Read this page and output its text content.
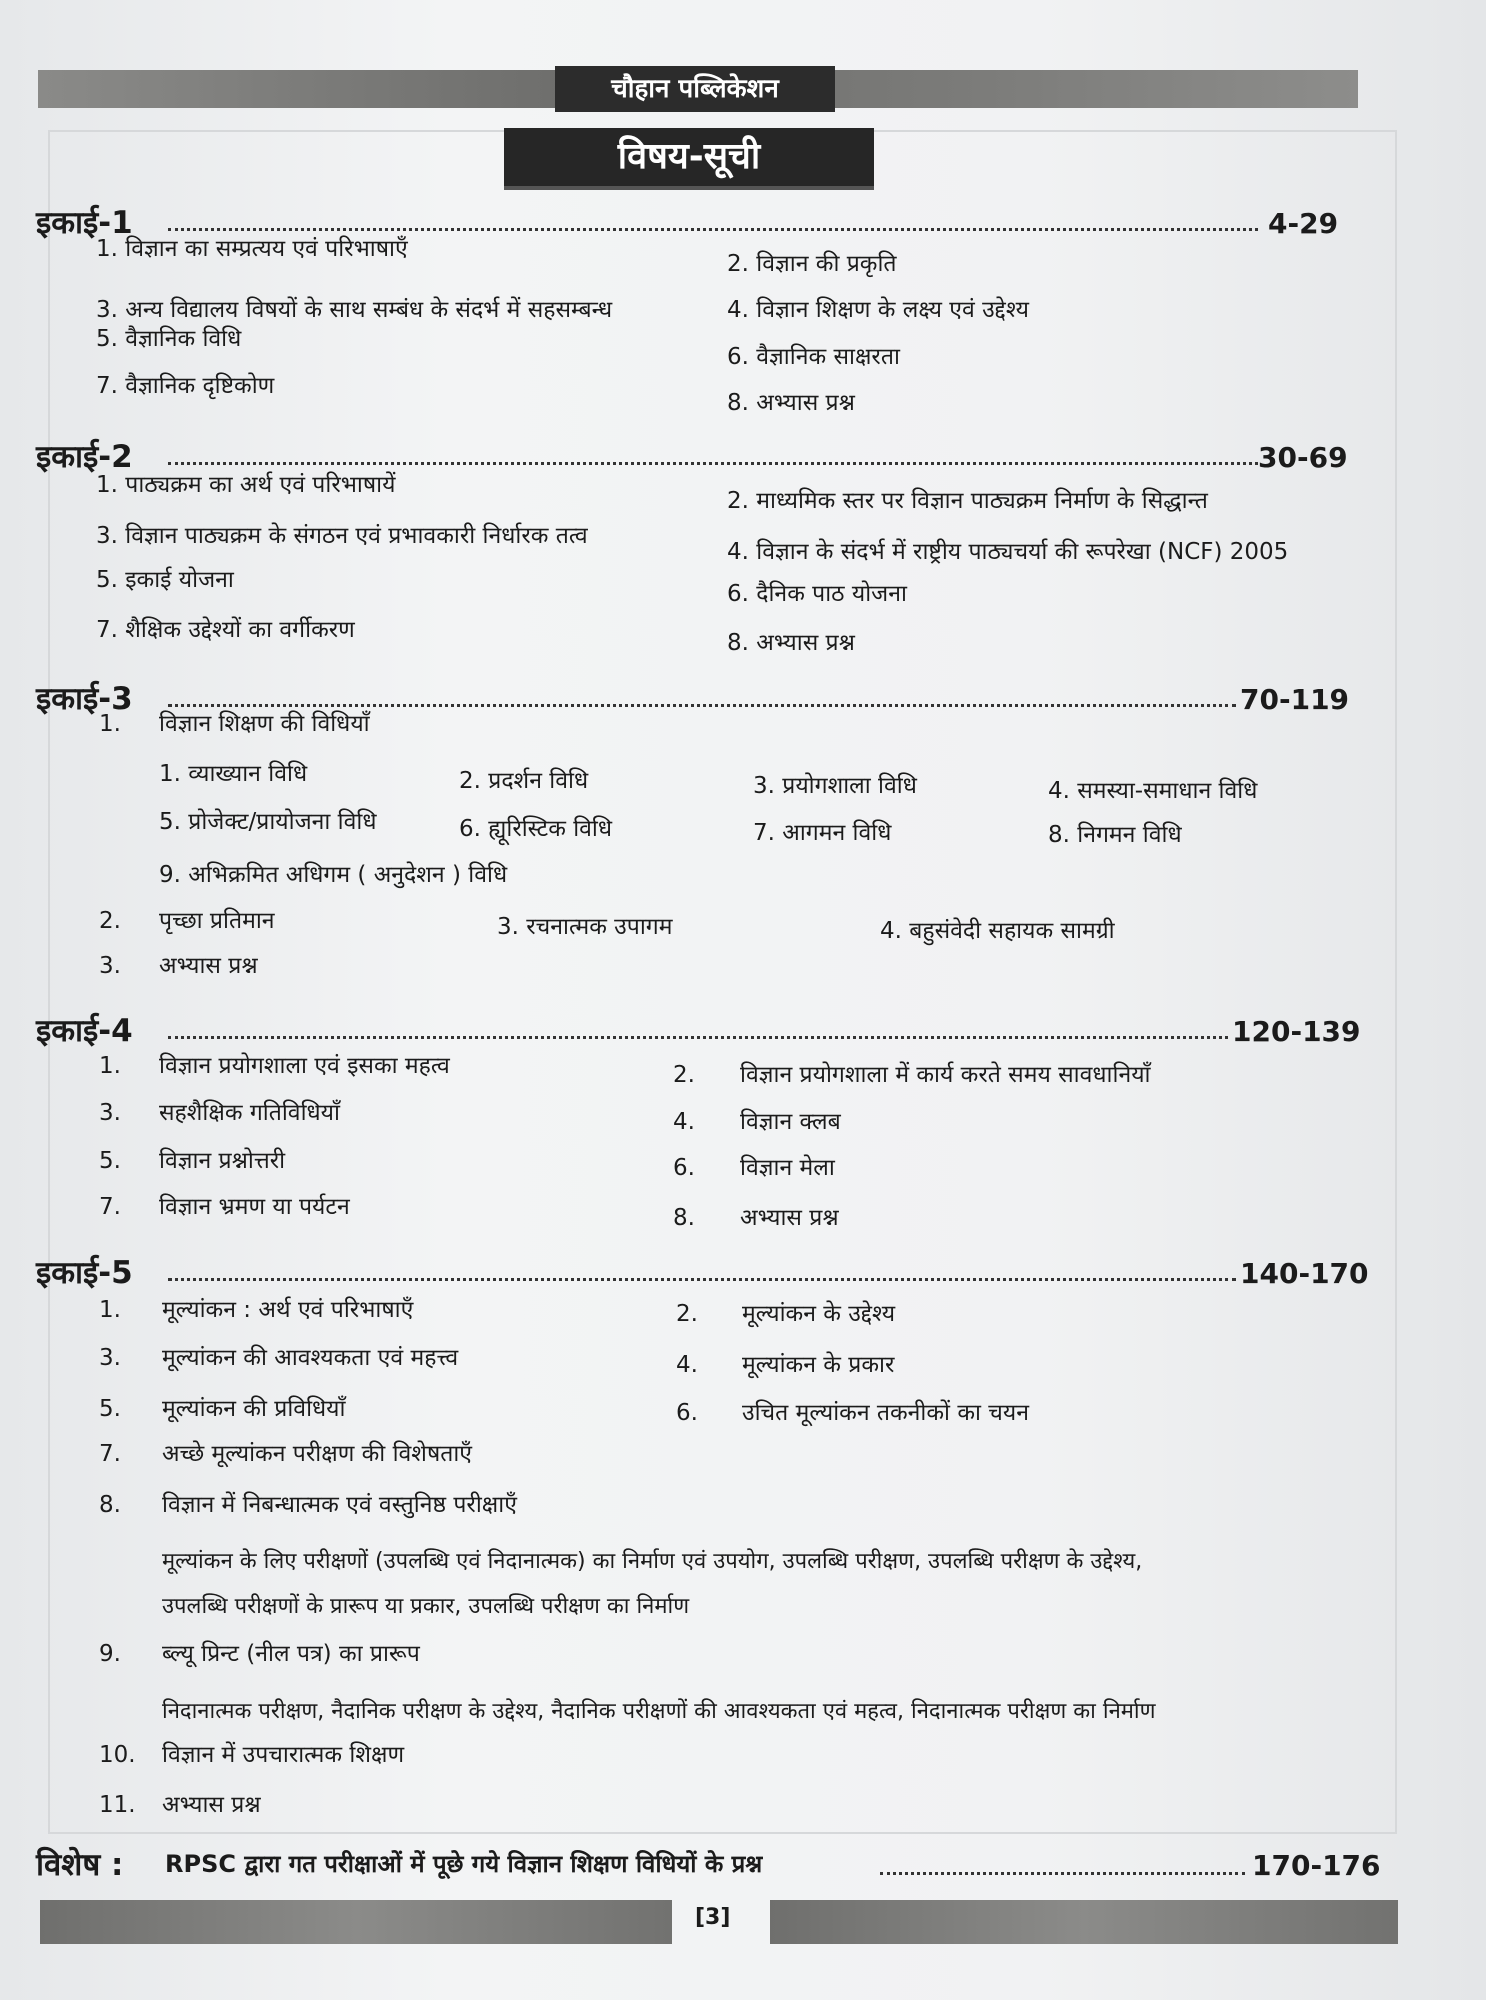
चौहान पब्लिकेशन
विषय-सूची
इकाई-1	4-29
1. विज्ञान का सम्प्रत्यय एवं परिभाषाएँ
2. विज्ञान की प्रकृति
3. अन्य विद्यालय विषयों के साथ सम्बंध के संदर्भ में सहसम्बन्ध	4. विज्ञान शिक्षण के लक्ष्य एवं उद्देश्य
5. वैज्ञानिक विधि
6. वैज्ञानिक साक्षरता
7. वैज्ञानिक दृष्टिकोण
8. अभ्यास प्रश्न
इकाई-2	30-69
1. पाठ्यक्रम का अर्थ एवं परिभाषायें
2. माध्यमिक स्तर पर विज्ञान पाठ्यक्रम निर्माण के सिद्धान्त
3. विज्ञान पाठ्यक्रम के संगठन एवं प्रभावकारी निर्धारक तत्व
4. विज्ञान के संदर्भ में राष्ट्रीय पाठ्यचर्या की रूपरेखा (NCF) 2005
5. इकाई योजना
6. दैनिक पाठ योजना
7. शैक्षिक उद्देश्यों का वर्गीकरण	8. अभ्यास प्रश्न
इकाई-3	70-119
1. विज्ञान शिक्षण की विधियाँ
1. व्याख्यान विधि	2. प्रदर्शन विधि	3. प्रयोगशाला विधि	4. समस्या-समाधान विधि
5. प्रोजेक्ट/प्रायोजना विधि	6. ह्यूरिस्टिक विधि	7. आगमन विधि	8. निगमन विधि
9. अभिक्रमित अधिगम ( अनुदेशन ) विधि
2. पृच्छा प्रतिमान	3. रचनात्मक उपागम	4. बहुसंवेदी सहायक सामग्री
3. अभ्यास प्रश्न
इकाई-4	120-139
1. विज्ञान प्रयोगशाला एवं इसका महत्व	2. विज्ञान प्रयोगशाला में कार्य करते समय सावधानियाँ
3. सहशैक्षिक गतिविधियाँ	4. विज्ञान क्लब
5. विज्ञान प्रश्नोत्तरी	6. विज्ञान मेला
7. विज्ञान भ्रमण या पर्यटन	8. अभ्यास प्रश्न
इकाई-5	140-170
1. मूल्यांकन : अर्थ एवं परिभाषाएँ	2. मूल्यांकन के उद्देश्य
3. मूल्यांकन की आवश्यकता एवं महत्त्व	4. मूल्यांकन के प्रकार
5. मूल्यांकन की प्रविधियाँ	6. उचित मूल्यांकन तकनीकों का चयन
7. अच्छे मूल्यांकन परीक्षण की विशेषताएँ
8. विज्ञान में निबन्धात्मक एवं वस्तुनिष्ठ परीक्षाएँ
मूल्यांकन के लिए परीक्षणों (उपलब्धि एवं निदानात्मक) का निर्माण एवं उपयोग, उपलब्धि परीक्षण, उपलब्धि परीक्षण के उद्देश्य,
उपलब्धि परीक्षणों के प्रारूप या प्रकार, उपलब्धि परीक्षण का निर्माण
9. ब्ल्यू प्रिन्ट (नील पत्र) का प्रारूप
निदानात्मक परीक्षण, नैदानिक परीक्षण के उद्देश्य, नैदानिक परीक्षणों की आवश्यकता एवं महत्व, निदानात्मक परीक्षण का निर्माण
10. विज्ञान में उपचारात्मक शिक्षण
11. अभ्यास प्रश्न
विशेष : RPSC द्वारा गत परीक्षाओं में पूछे गये विज्ञान शिक्षण विधियों के प्रश्न	170-176
[3]
